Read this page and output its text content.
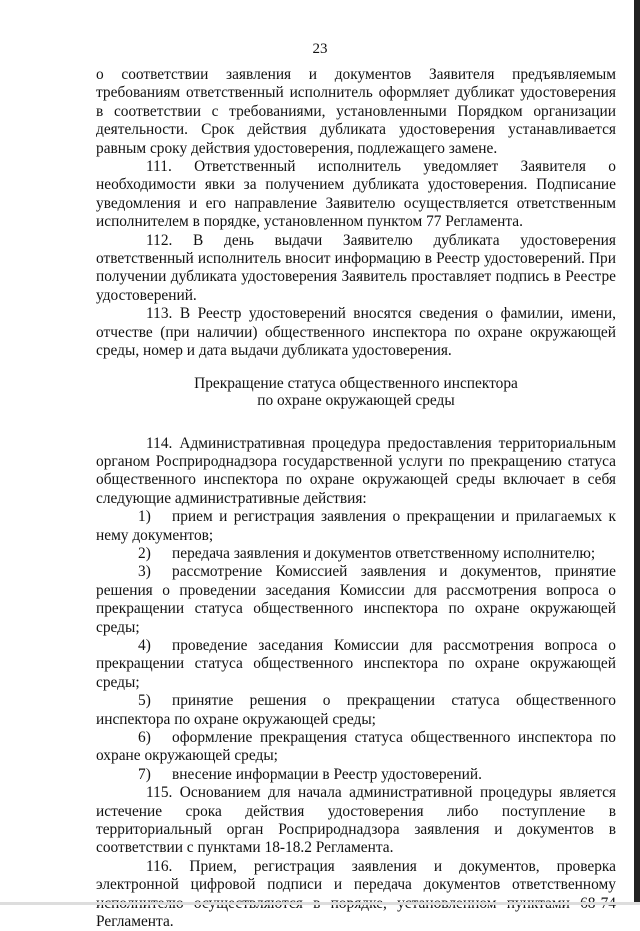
23

о соответствии заявления и документов Заявителя предъявляемым требованиям ответственный исполнитель оформляет дубликат удостоверения в соответствии с требованиями, установленными Порядком организации деятельности. Срок действия дубликата удостоверения устанавливается равным сроку действия удостоверения, подлежащего замене.

111. Ответственный исполнитель уведомляет Заявителя о необходимости явки за получением дубликата удостоверения. Подписание уведомления и его направление Заявителю осуществляется ответственным исполнителем в порядке, установленном пунктом 77 Регламента.

112. В день выдачи Заявителю дубликата удостоверения ответственный исполнитель вносит информацию в Реестр удостоверений. При получении дубликата удостоверения Заявитель проставляет подпись в Реестре удостоверений.

113. В Реестр удостоверений вносятся сведения о фамилии, имени, отчестве (при наличии) общественного инспектора по охране окружающей среды, номер и дата выдачи дубликата удостоверения.

Прекращение статуса общественного инспектора
по охране окружающей среды

114. Административная процедура предоставления территориальным органом Росприроднадзора государственной услуги по прекращению статуса общественного инспектора по охране окружающей среды включает в себя следующие административные действия:

1) прием и регистрация заявления о прекращении и прилагаемых к нему документов;

2) передача заявления и документов ответственному исполнителю;

3) рассмотрение Комиссией заявления и документов, принятие решения о проведении заседания Комиссии для рассмотрения вопроса о прекращении статуса общественного инспектора по охране окружающей среды;

4) проведение заседания Комиссии для рассмотрения вопроса о прекращении статуса общественного инспектора по охране окружающей среды;

5) принятие решения о прекращении статуса общественного инспектора по охране окружающей среды;

6) оформление прекращения статуса общественного инспектора по охране окружающей среды;

7) внесение информации в Реестр удостоверений.

115. Основанием для начала административной процедуры является истечение срока действия удостоверения либо поступление в территориальный орган Росприроднадзора заявления и документов в соответствии с пунктами 18-18.2 Регламента.

116. Прием, регистрация заявления и документов, проверка электронной цифровой подписи и передача документов ответственному Регламента.
